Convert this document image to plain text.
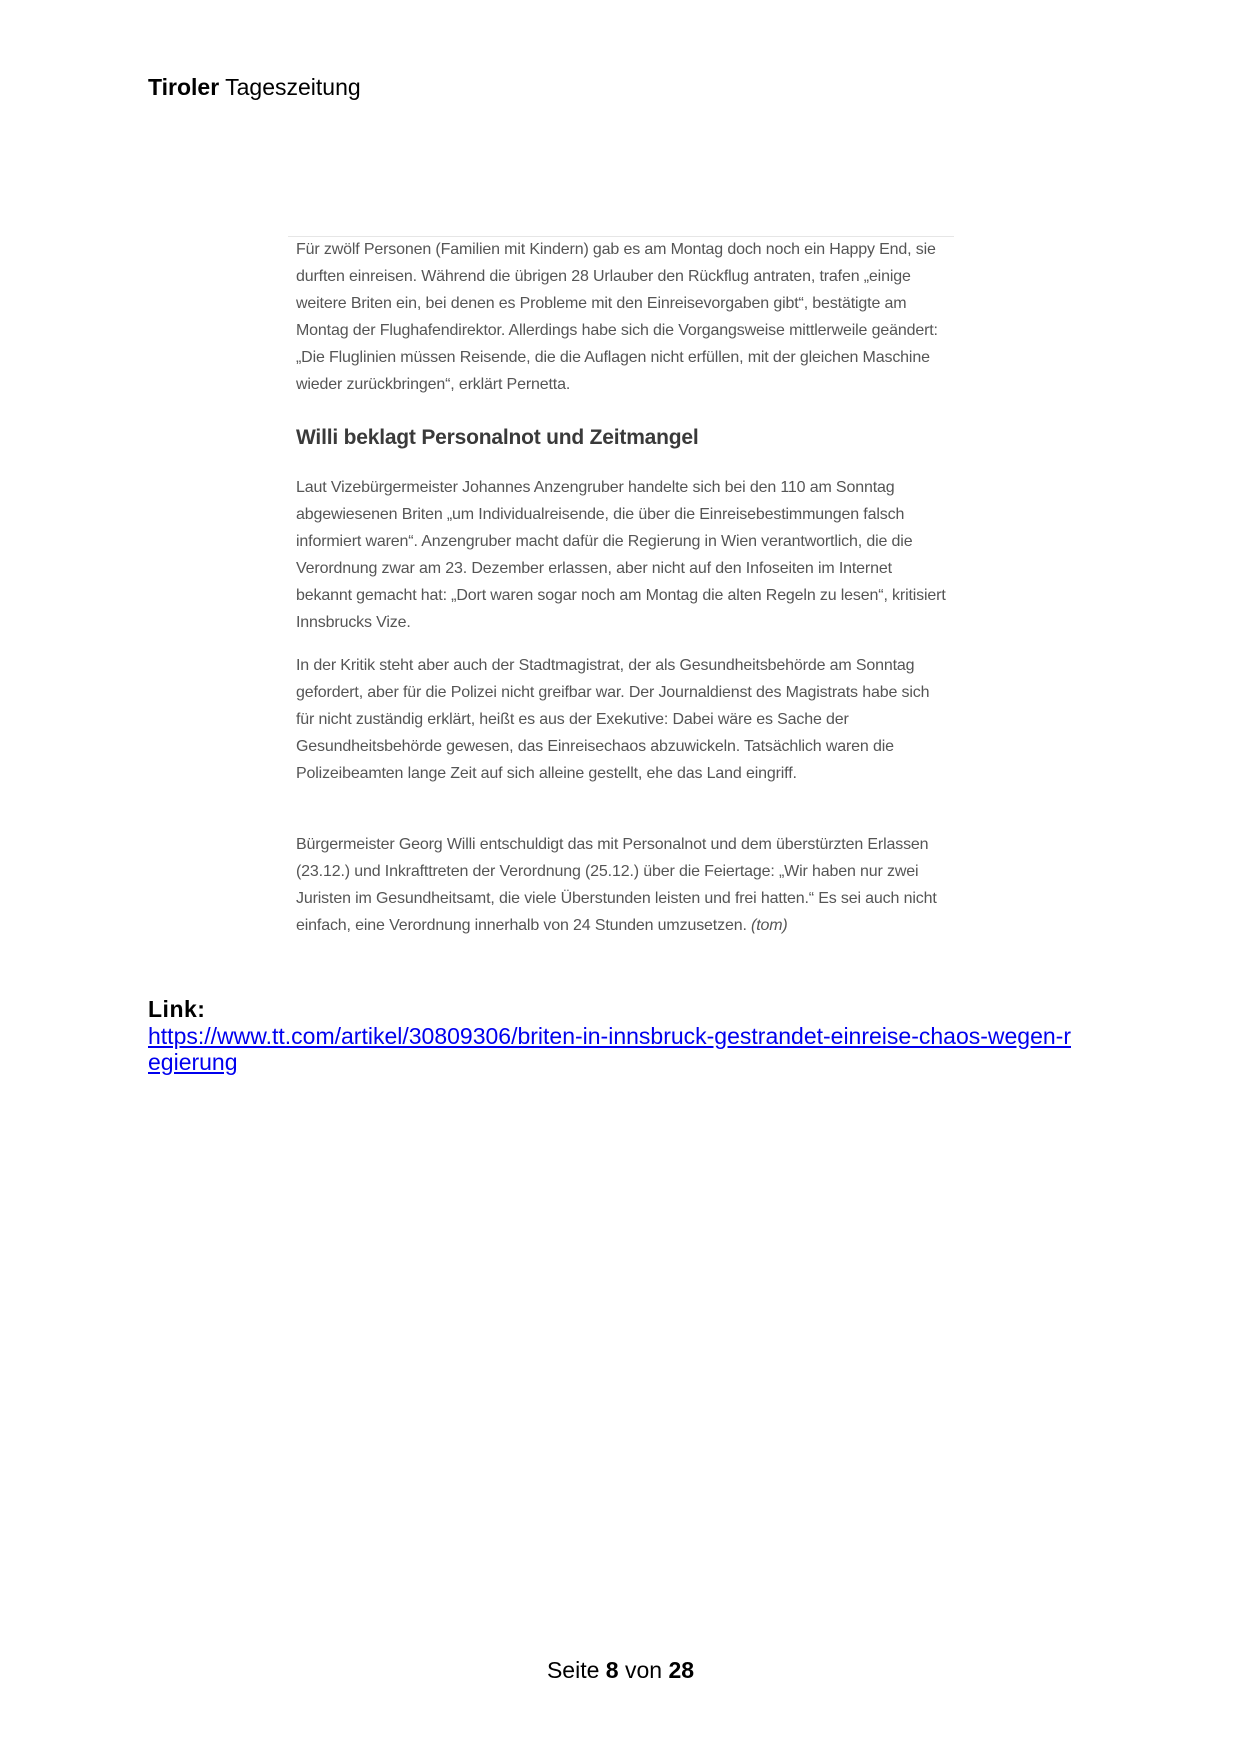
Tiroler Tageszeitung

Für zwölf Personen (Familien mit Kindern) gab es am Montag doch noch ein Happy End, sie durften einreisen. Während die übrigen 28 Urlauber den Rückflug antraten, trafen „einige weitere Briten ein, bei denen es Probleme mit den Einreisevorgaben gibt“, bestätigte am Montag der Flughafendirektor. Allerdings habe sich die Vorgangsweise mittlerweile geändert: „Die Fluglinien müssen Reisende, die die Auflagen nicht erfüllen, mit der gleichen Maschine wieder zurückbringen“, erklärt Pernetta.

Willi beklagt Personalnot und Zeitmangel

Laut Vizebürgermeister Johannes Anzengruber handelte sich bei den 110 am Sonntag abgewiesenen Briten „um Individualreisende, die über die Einreisebestimmungen falsch informiert waren“. Anzengruber macht dafür die Regierung in Wien verantwortlich, die die Verordnung zwar am 23. Dezember erlassen, aber nicht auf den Infoseiten im Internet bekannt gemacht hat: „Dort waren sogar noch am Montag die alten Regeln zu lesen“, kritisiert Innsbrucks Vize.

In der Kritik steht aber auch der Stadtmagistrat, der als Gesundheitsbehörde am Sonntag gefordert, aber für die Polizei nicht greifbar war. Der Journaldienst des Magistrats habe sich für nicht zuständig erklärt, heißt es aus der Exekutive: Dabei wäre es Sache der Gesundheitsbehörde gewesen, das Einreisechaos abzuwickeln. Tatsächlich waren die Polizeibeamten lange Zeit auf sich alleine gestellt, ehe das Land eingriff.

Bürgermeister Georg Willi entschuldigt das mit Personalnot und dem überstürzten Erlassen (23.12.) und Inkrafttreten der Verordnung (25.12.) über die Feiertage: „Wir haben nur zwei Juristen im Gesundheitsamt, die viele Überstunden leisten und frei hatten.“ Es sei auch nicht einfach, eine Verordnung innerhalb von 24 Stunden umzusetzen. (tom)

Link:
https://www.tt.com/artikel/30809306/briten-in-innsbruck-gestrandet-einreise-chaos-wegen-regierung
Seite 8 von 28
